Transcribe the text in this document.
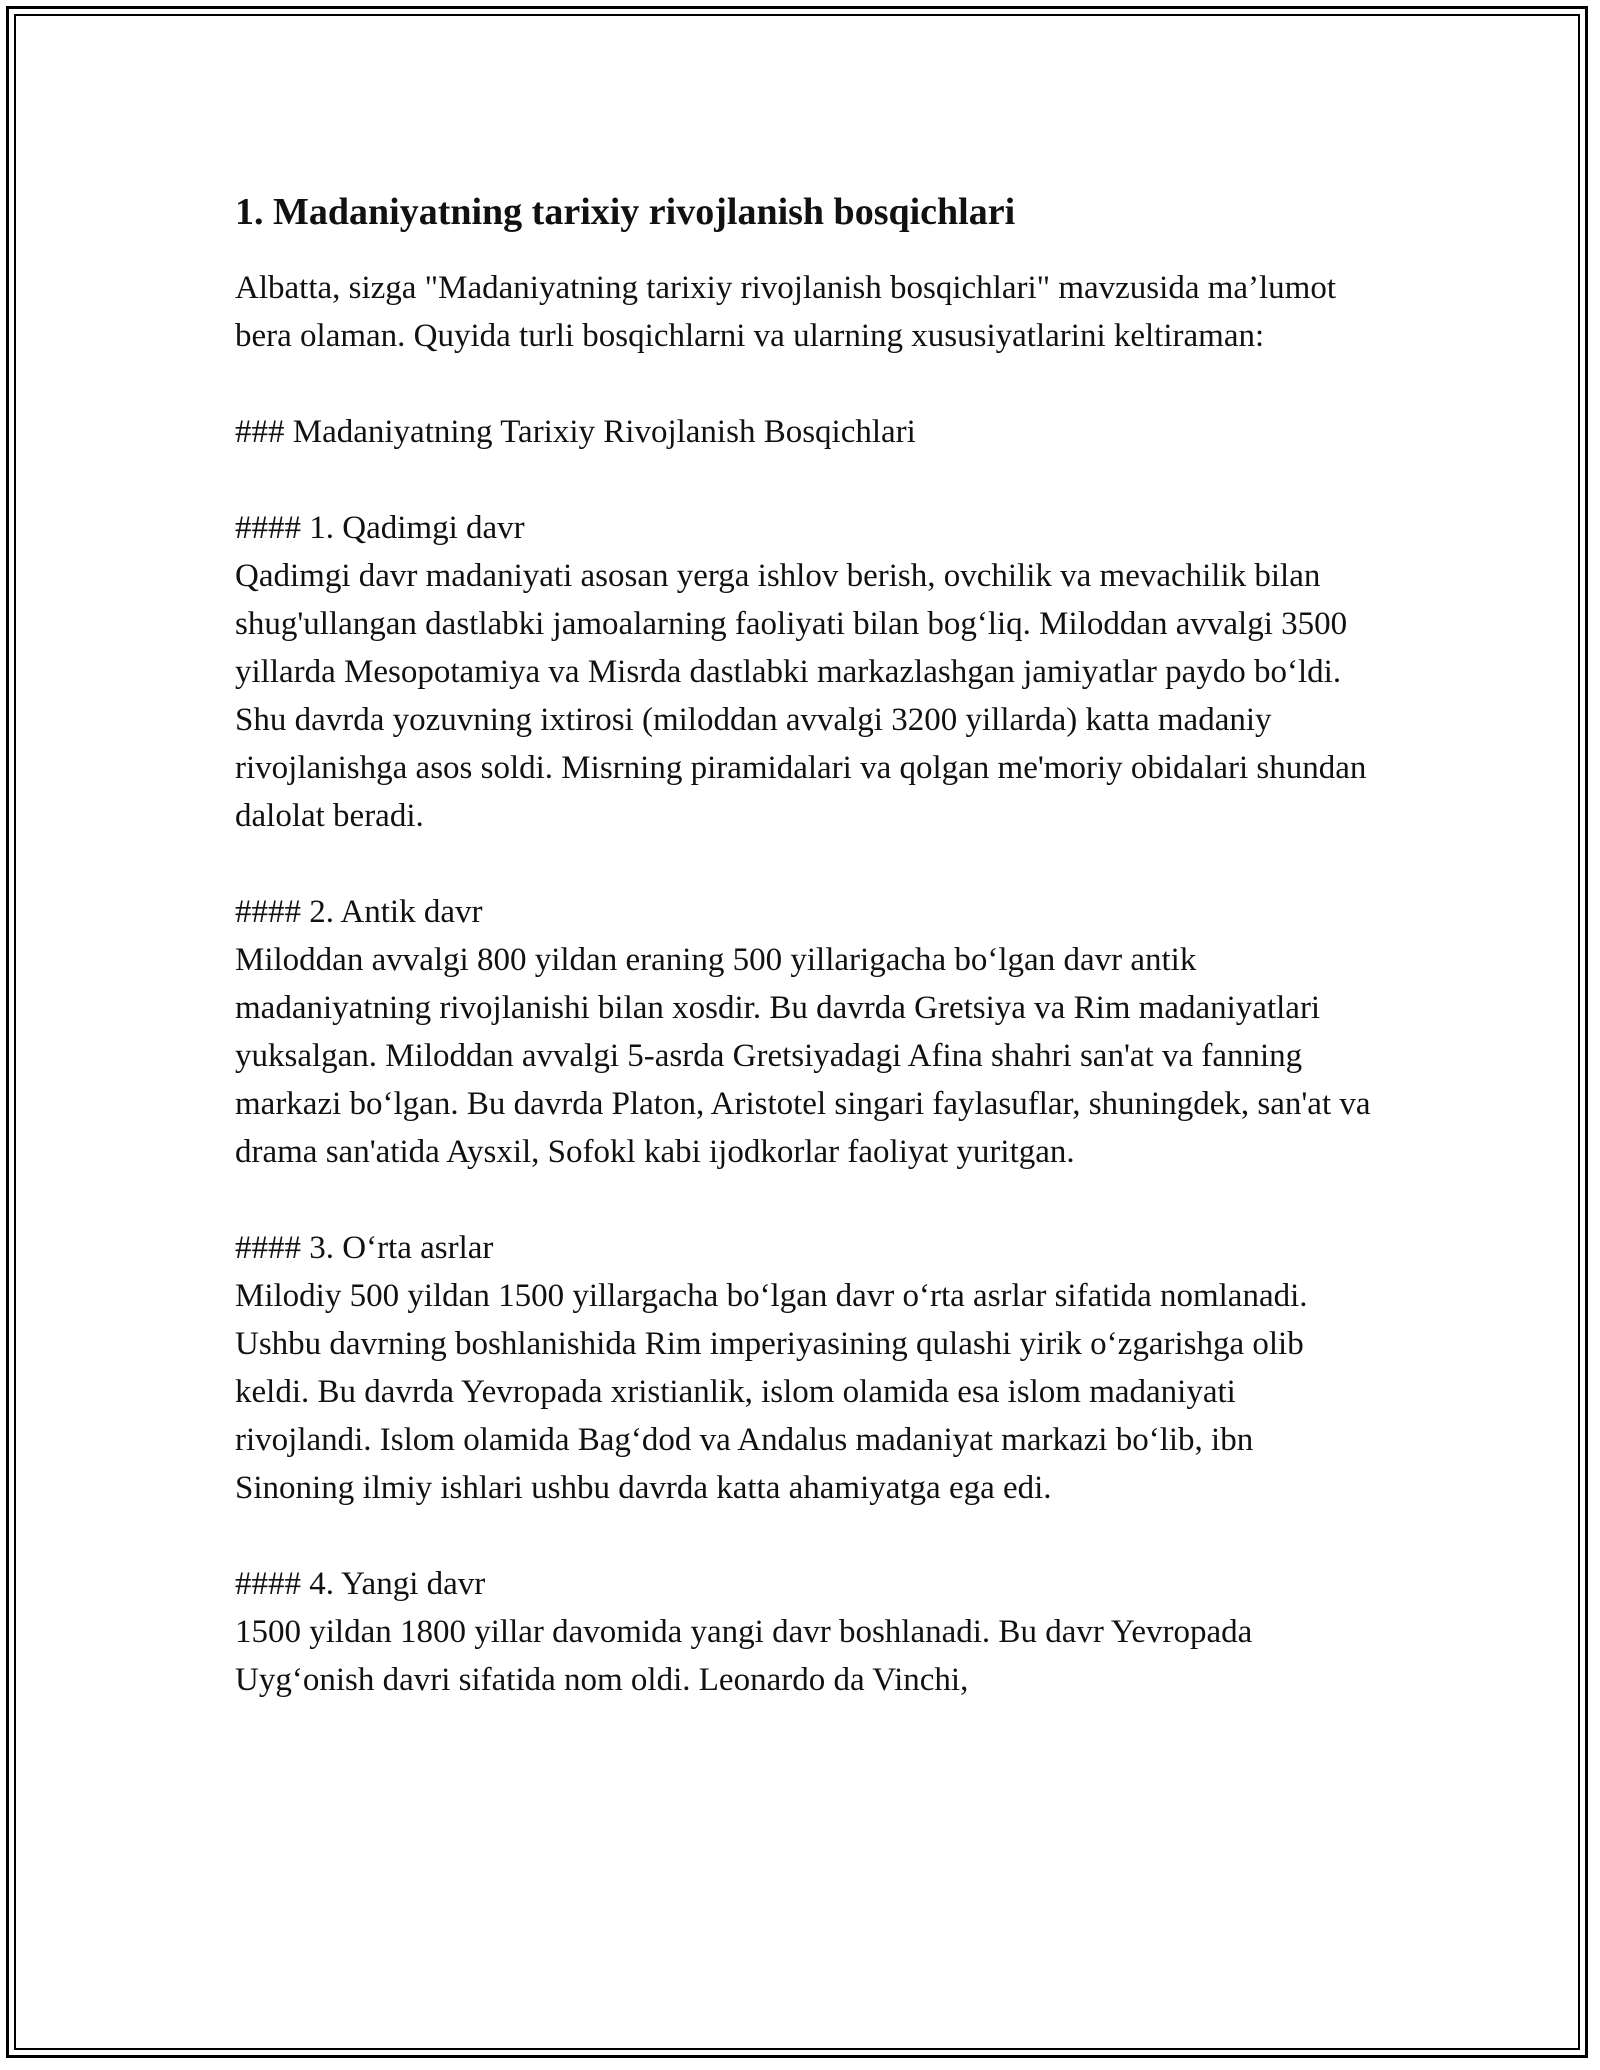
1. Madaniyatning tarixiy rivojlanish bosqichlari

Albatta, sizga "Madaniyatning tarixiy rivojlanish bosqichlari" mavzusida ma’lumot bera olaman. Quyida turli bosqichlarni va ularning xususiyatlarini keltiraman:

### Madaniyatning Tarixiy Rivojlanish Bosqichlari

#### 1. Qadimgi davr

Qadimgi davr madaniyati asosan yerga ishlov berish, ovchilik va mevachilik bilan shug'ullangan dastlabki jamoalarning faoliyati bilan bog‘liq. Miloddan avvalgi 3500 yillarda Mesopotamiya va Misrda dastlabki markazlashgan jamiyatlar paydo bo‘ldi. Shu davrda yozuvning ixtirosi (miloddan avvalgi 3200 yillarda) katta madaniy rivojlanishga asos soldi. Misrning piramidalari va qolgan me'moriy obidalari shundan dalolat beradi.

#### 2. Antik davr

Miloddan avvalgi 800 yildan eraning 500 yillarigacha bo‘lgan davr antik madaniyatning rivojlanishi bilan xosdir. Bu davrda Gretsiya va Rim madaniyatlari yuksalgan. Miloddan avvalgi 5-asrda Gretsiyadagi Afina shahri san'at va fanning markazi bo‘lgan. Bu davrda Platon, Aristotel singari faylasuflar, shuningdek, san'at va drama san'atida Aysxil, Sofokl kabi ijodkorlar faoliyat yuritgan.

#### 3. O‘rta asrlar

Milodiy 500 yildan 1500 yillargacha bo‘lgan davr o‘rta asrlar sifatida nomlanadi. Ushbu davrning boshlanishida Rim imperiyasining qulashi yirik o‘zgarishga olib keldi. Bu davrda Yevropada xristianlik, islom olamida esa islom madaniyati rivojlandi. Islom olamida Bag‘dod va Andalus madaniyat markazi bo‘lib, ibn Sinoning ilmiy ishlari ushbu davrda katta ahamiyatga ega edi.

#### 4. Yangi davr

1500 yildan 1800 yillar davomida yangi davr boshlanadi. Bu davr Yevropada Uyg‘onish davri sifatida nom oldi. Leonardo da Vinchi,
